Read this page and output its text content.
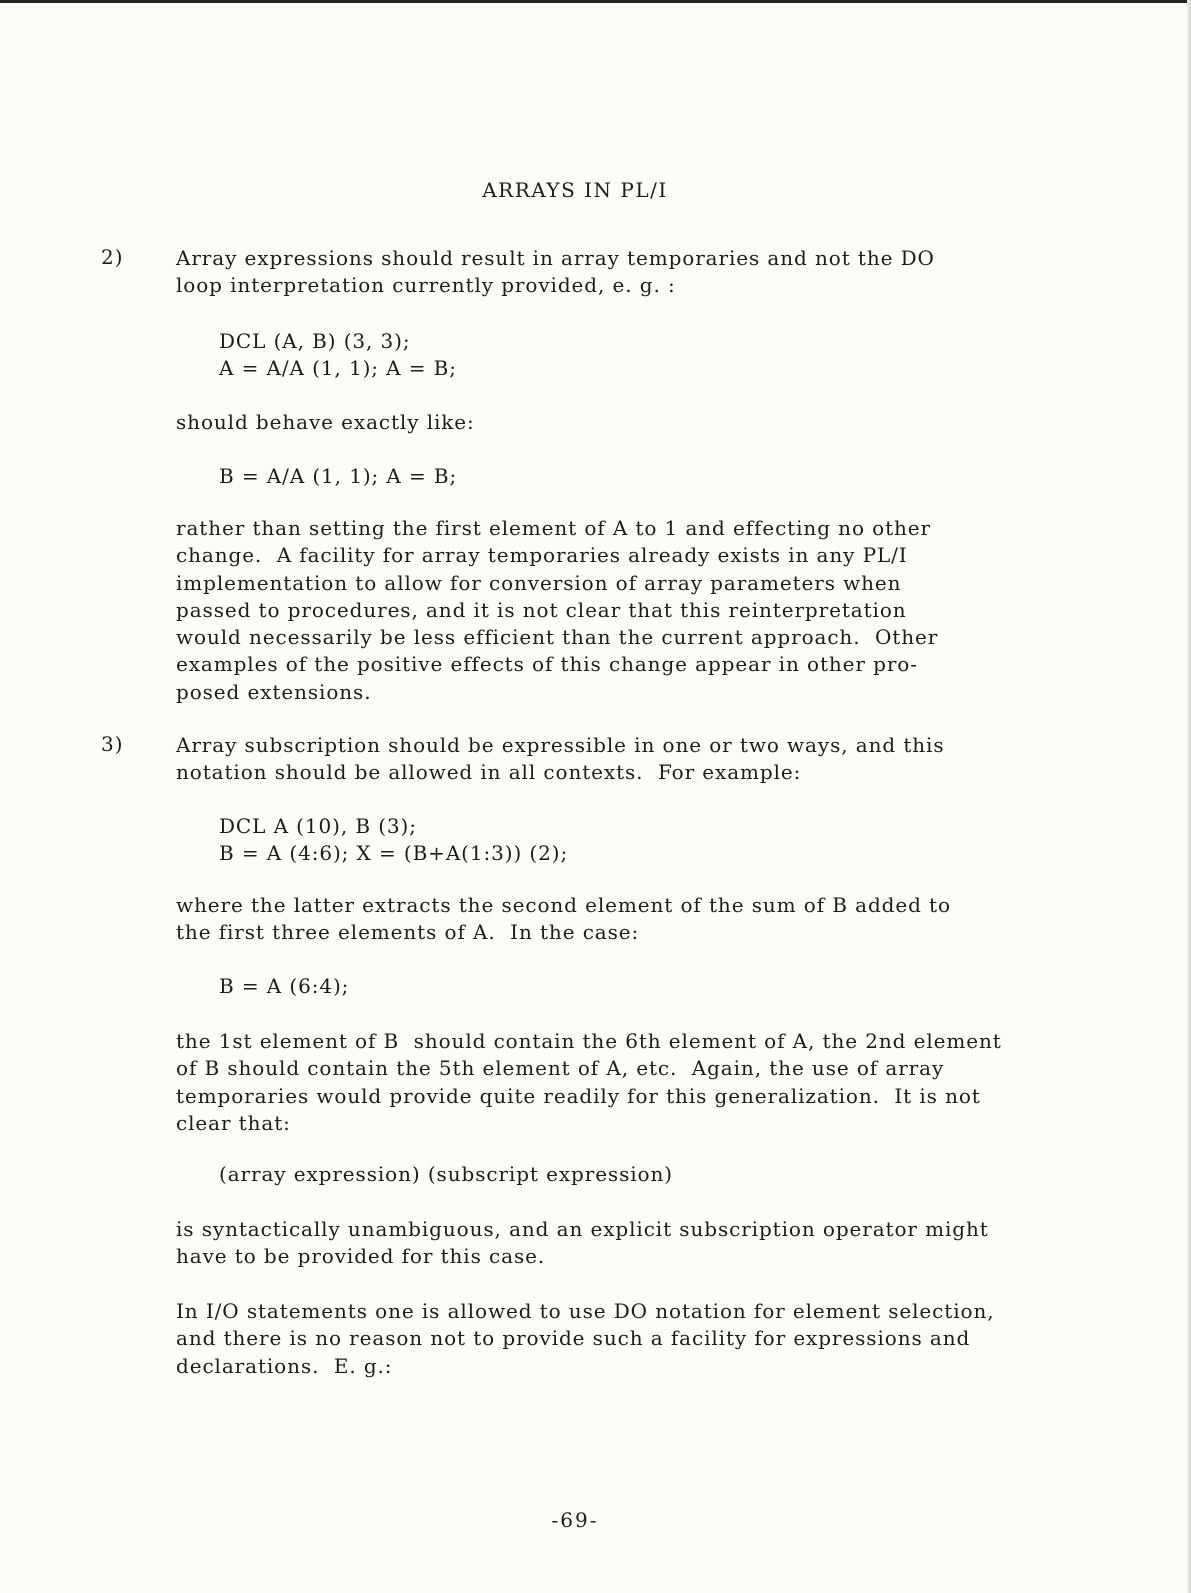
ARRAYS IN PL/I
2)	Array expressions should result in array temporaries and not the DO
loop interpretation currently provided, e. g. :
DCL (A, B) (3, 3);
A = A/A (1, 1); A = B;
should behave exactly like:
B = A/A (1, 1); A = B;
rather than setting the first element of A to 1 and effecting no other
change.  A facility for array temporaries already exists in any PL/I
implementation to allow for conversion of array parameters when
passed to procedures, and it is not clear that this reinterpretation
would necessarily be less efficient than the current approach.  Other
examples of the positive effects of this change appear in other pro-
posed extensions.
3)	Array subscription should be expressible in one or two ways, and this
notation should be allowed in all contexts.  For example:
DCL A (10), B (3);
B = A (4:6); X = (B+A(1:3)) (2);
where the latter extracts the second element of the sum of B added to
the first three elements of A.  In the case:
B = A (6:4);
the 1st element of B  should contain the 6th element of A, the 2nd element
of B should contain the 5th element of A, etc.  Again, the use of array
temporaries would provide quite readily for this generalization.  It is not
clear that:
(array expression) (subscript expression)
is syntactically unambiguous, and an explicit subscription operator might
have to be provided for this case.
In I/O statements one is allowed to use DO notation for element selection,
and there is no reason not to provide such a facility for expressions and
declarations.  E. g.:
-69-
